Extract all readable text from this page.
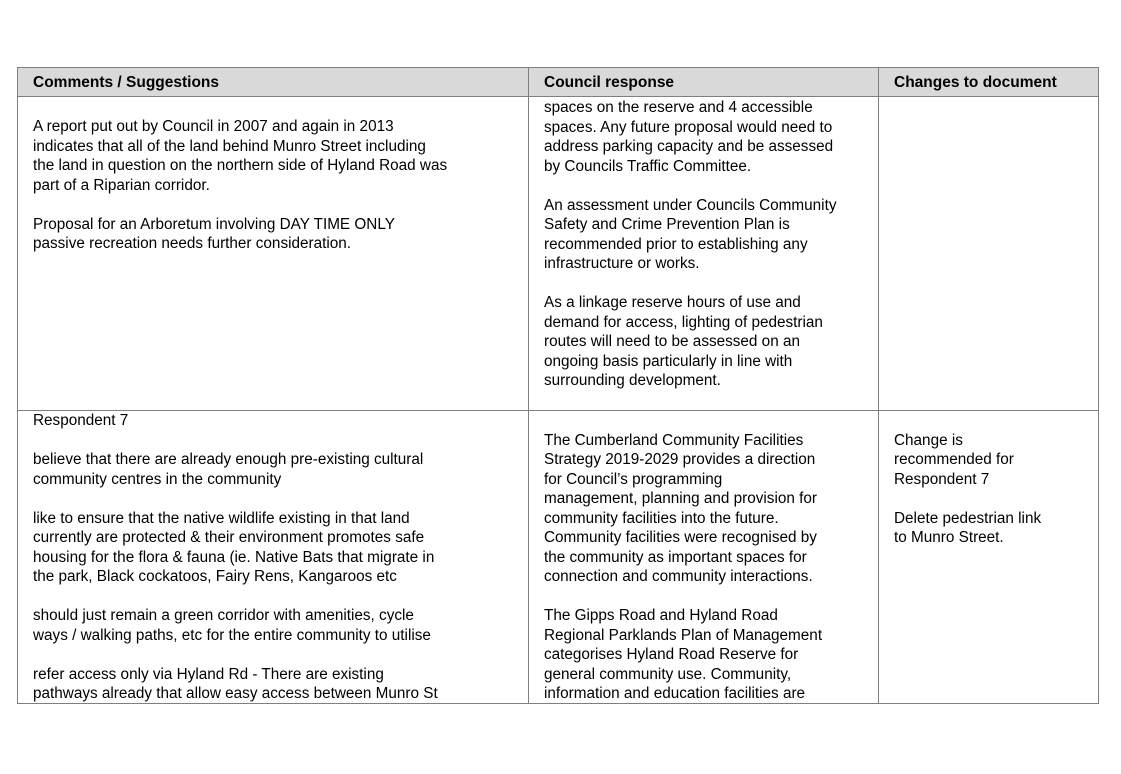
Comments / Suggestions	Council response	Changes to document

A report put out by Council in 2007 and again in 2013
indicates that all of the land behind Munro Street including
the land in question on the northern side of Hyland Road was
part of a Riparian corridor.

Proposal for an Arboretum involving DAY TIME ONLY
passive recreation needs further consideration.

spaces on the reserve and 4 accessible
spaces. Any future proposal would need to
address parking capacity and be assessed
by Councils Traffic Committee.

An assessment under Councils Community
Safety and Crime Prevention Plan is
recommended prior to establishing any
infrastructure or works.

As a linkage reserve hours of use and
demand for access, lighting of pedestrian
routes will need to be assessed on an
ongoing basis particularly in line with
surrounding development.

Respondent 7

believe that there are already enough pre-existing cultural
community centres in the community

like to ensure that the native wildlife existing in that land
currently are protected & their environment promotes safe
housing for the flora & fauna (ie. Native Bats that migrate in
the park, Black cockatoos, Fairy Rens, Kangaroos etc

should just remain a green corridor with amenities, cycle
ways / walking paths, etc for the entire community to utilise

refer access only via Hyland Rd - There are existing
pathways already that allow easy access between Munro St

The Cumberland Community Facilities
Strategy 2019-2029 provides a direction
for Council’s programming
management, planning and provision for
community facilities into the future.
Community facilities were recognised by
the community as important spaces for
connection and community interactions.

The Gipps Road and Hyland Road
Regional Parklands Plan of Management
categorises Hyland Road Reserve for
general community use. Community,
information and education facilities are

Change is
recommended for
Respondent 7

Delete pedestrian link
to Munro Street.
